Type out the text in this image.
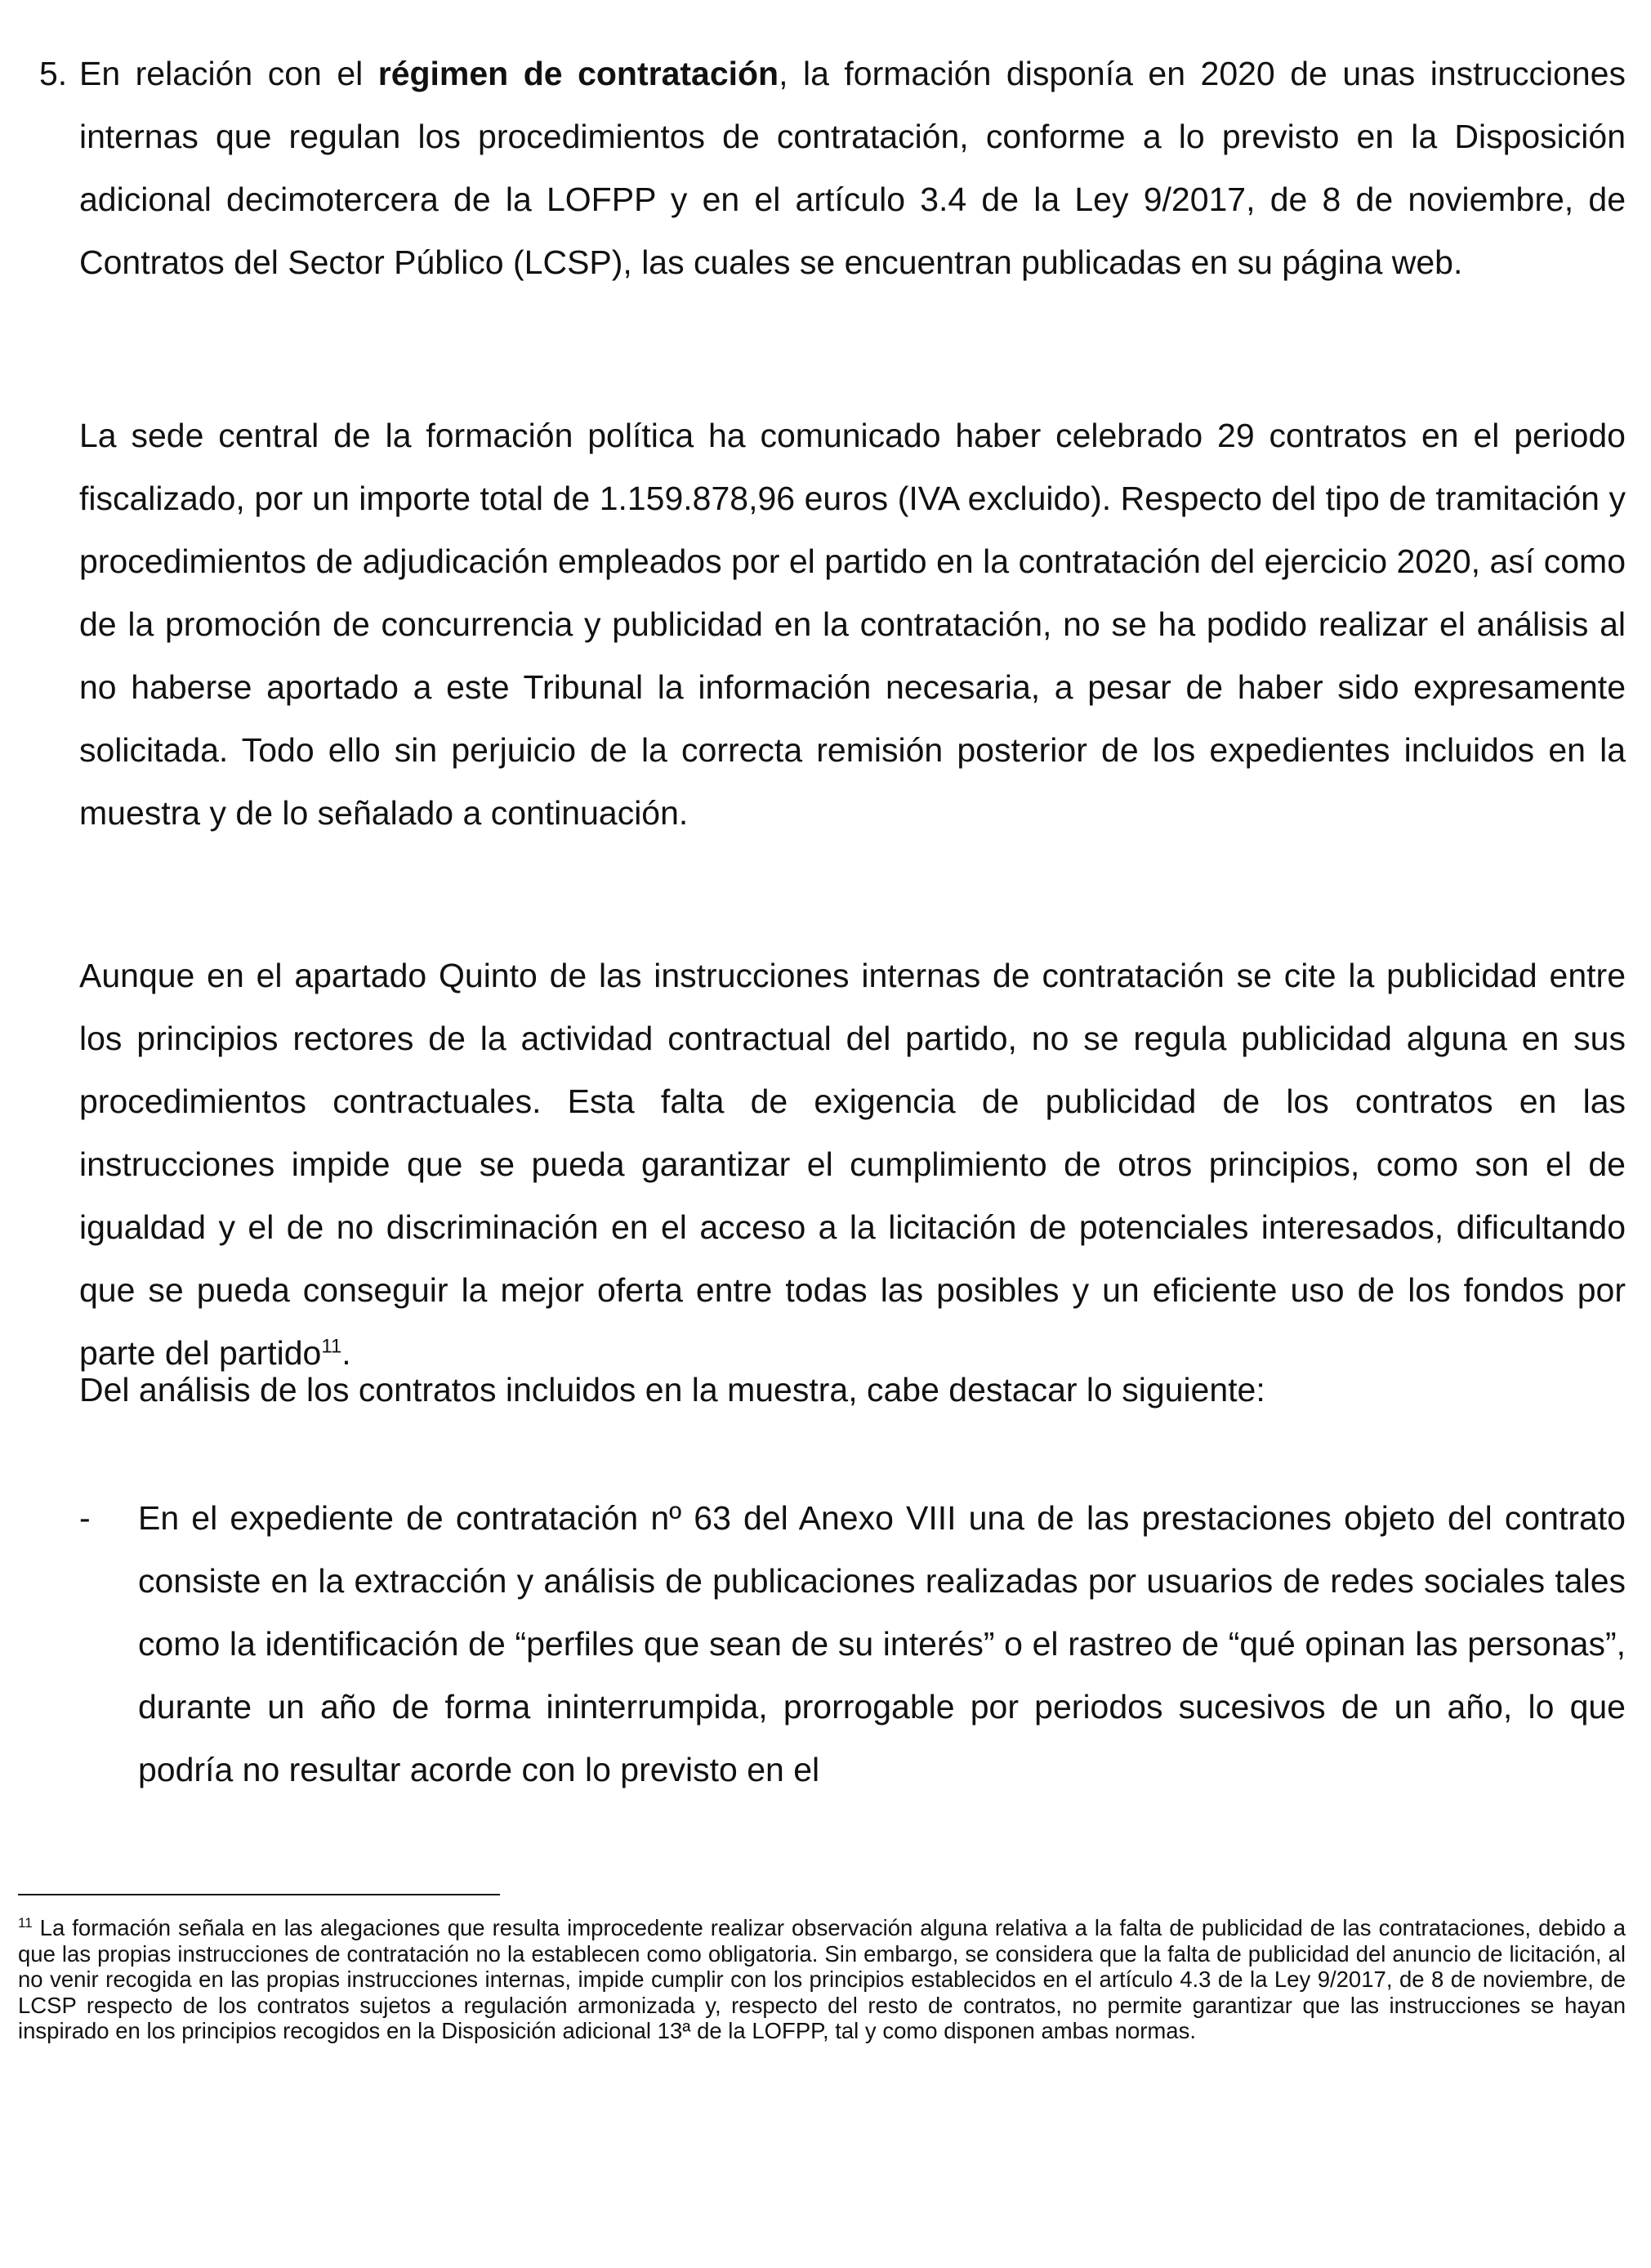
5. En relación con el régimen de contratación, la formación disponía en 2020 de unas instrucciones internas que regulan los procedimientos de contratación, conforme a lo previsto en la Disposición adicional decimotercera de la LOFPP y en el artículo 3.4 de la Ley 9/2017, de 8 de noviembre, de Contratos del Sector Público (LCSP), las cuales se encuentran publicadas en su página web.

La sede central de la formación política ha comunicado haber celebrado 29 contratos en el periodo fiscalizado, por un importe total de 1.159.878,96 euros (IVA excluido). Respecto del tipo de tramitación y procedimientos de adjudicación empleados por el partido en la contratación del ejercicio 2020, así como de la promoción de concurrencia y publicidad en la contratación, no se ha podido realizar el análisis al no haberse aportado a este Tribunal la información necesaria, a pesar de haber sido expresamente solicitada. Todo ello sin perjuicio de la correcta remisión posterior de los expedientes incluidos en la muestra y de lo señalado a continuación.

Aunque en el apartado Quinto de las instrucciones internas de contratación se cite la publicidad entre los principios rectores de la actividad contractual del partido, no se regula publicidad alguna en sus procedimientos contractuales. Esta falta de exigencia de publicidad de los contratos en las instrucciones impide que se pueda garantizar el cumplimiento de otros principios, como son el de igualdad y el de no discriminación en el acceso a la licitación de potenciales interesados, dificultando que se pueda conseguir la mejor oferta entre todas las posibles y un eficiente uso de los fondos por parte del partido$^{11}$.

Del análisis de los contratos incluidos en la muestra, cabe destacar lo siguiente:

- En el expediente de contratación nº 63 del Anexo VIII una de las prestaciones objeto del contrato consiste en la extracción y análisis de publicaciones realizadas por usuarios de redes sociales tales como la identificación de “perfiles que sean de su interés” o el rastreo de “qué opinan las personas”, durante un año de forma ininterrumpida, prorrogable por periodos sucesivos de un año, lo que podría no resultar acorde con lo previsto en el

$^{11}$ La formación señala en las alegaciones que resulta improcedente realizar observación alguna relativa a la falta de publicidad de las contrataciones, debido a que las propias instrucciones de contratación no la establecen como obligatoria. Sin embargo, se considera que la falta de publicidad del anuncio de licitación, al no venir recogida en las propias instrucciones internas, impide cumplir con los principios establecidos en el artículo 4.3 de la Ley 9/2017, de 8 de noviembre, de LCSP respecto de los contratos sujetos a regulación armonizada y, respecto del resto de contratos, no permite garantizar que las instrucciones se hayan inspirado en los principios recogidos en la Disposición adicional 13ª de la LOFPP, tal y como disponen ambas normas.
